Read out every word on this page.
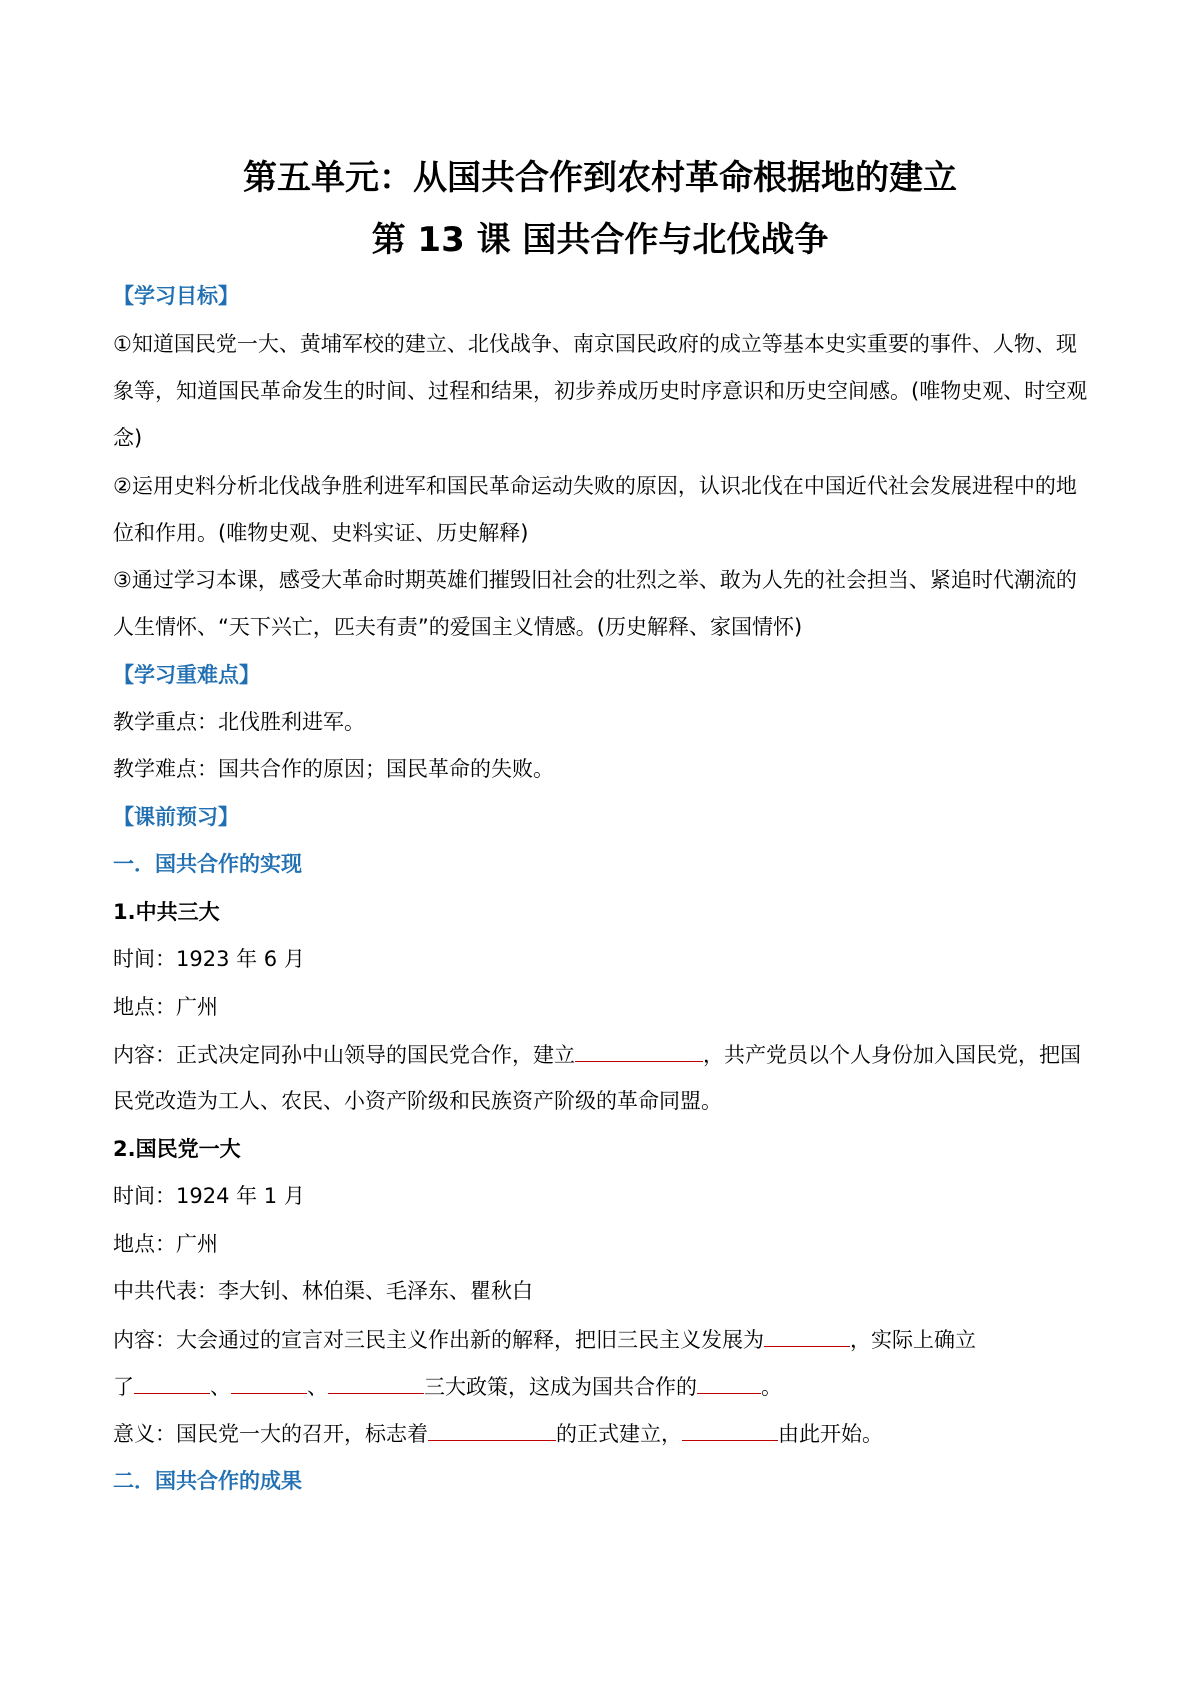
第五单元：从国共合作到农村革命根据地的建立
第 13 课 国共合作与北伐战争
【学习目标】
①知道国民党一大、黄埔军校的建立、北伐战争、南京国民政府的成立等基本史实重要的事件、人物、现
象等，知道国民革命发生的时间、过程和结果，初步养成历史时序意识和历史空间感。(唯物史观、时空观
念)
②运用史料分析北伐战争胜利进军和国民革命运动失败的原因，认识北伐在中国近代社会发展进程中的地
位和作用。(唯物史观、史料实证、历史解释)
③通过学习本课，感受大革命时期英雄们摧毁旧社会的壮烈之举、敢为人先的社会担当、紧追时代潮流的
人生情怀、“天下兴亡，匹夫有责”的爱国主义情感。(历史解释、家国情怀)
【学习重难点】
教学重点：北伐胜利进军。
教学难点：国共合作的原因；国民革命的失败。
【课前预习】
一．国共合作的实现
1.中共三大
时间：1923 年 6 月
地点：广州
内容：正式决定同孙中山领导的国民党合作，建立	，共产党员以个人身份加入国民党，把国
民党改造为工人、农民、小资产阶级和民族资产阶级的革命同盟。
2.国民党一大
时间：1924 年 1 月
地点：广州
中共代表：李大钊、林伯渠、毛泽东、瞿秋白
内容：大会通过的宣言对三民主义作出新的解释，把旧三民主义发展为	，实际上确立
了	、	、	三大政策，这成为国共合作的	。
意义：国民党一大的召开，标志着	的正式建立，	由此开始。
二．国共合作的成果
